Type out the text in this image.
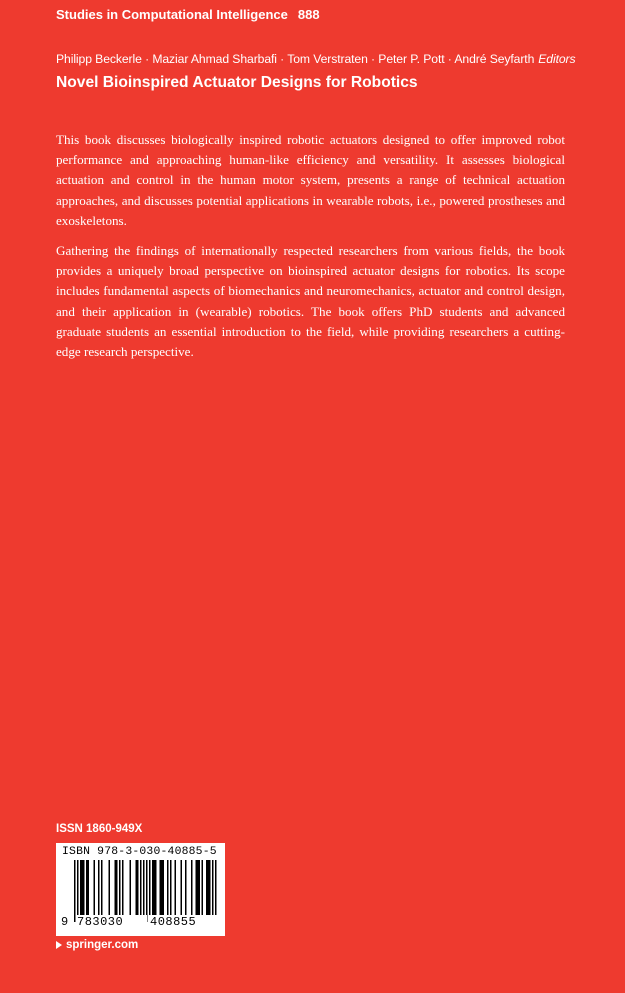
Studies in Computational Intelligence 888
Philipp Beckerle · Maziar Ahmad Sharbafi · Tom Verstraten · Peter P. Pott · André Seyfarth Editors
Novel Bioinspired Actuator Designs for Robotics

This book discusses biologically inspired robotic actuators designed to offer improved robot performance and approaching human-like efficiency and versatility. It assesses biological actuation and control in the human motor system, presents a range of technical actuation approaches, and discusses potential applications in wearable robots, i.e., powered prostheses and exoskeletons.

Gathering the findings of internationally respected researchers from various fields, the book provides a uniquely broad perspective on bioinspired actuator designs for robotics. Its scope includes fundamental aspects of biomechanics and neuromechanics, actuator and control design, and their application in (wearable) robotics. The book offers PhD students and advanced graduate students an essential introduction to the field, while providing researchers a cutting-edge research perspective.

ISSN 1860-949X
ISBN 978-3-030-40885-5
9 783030	408855
springer.com
